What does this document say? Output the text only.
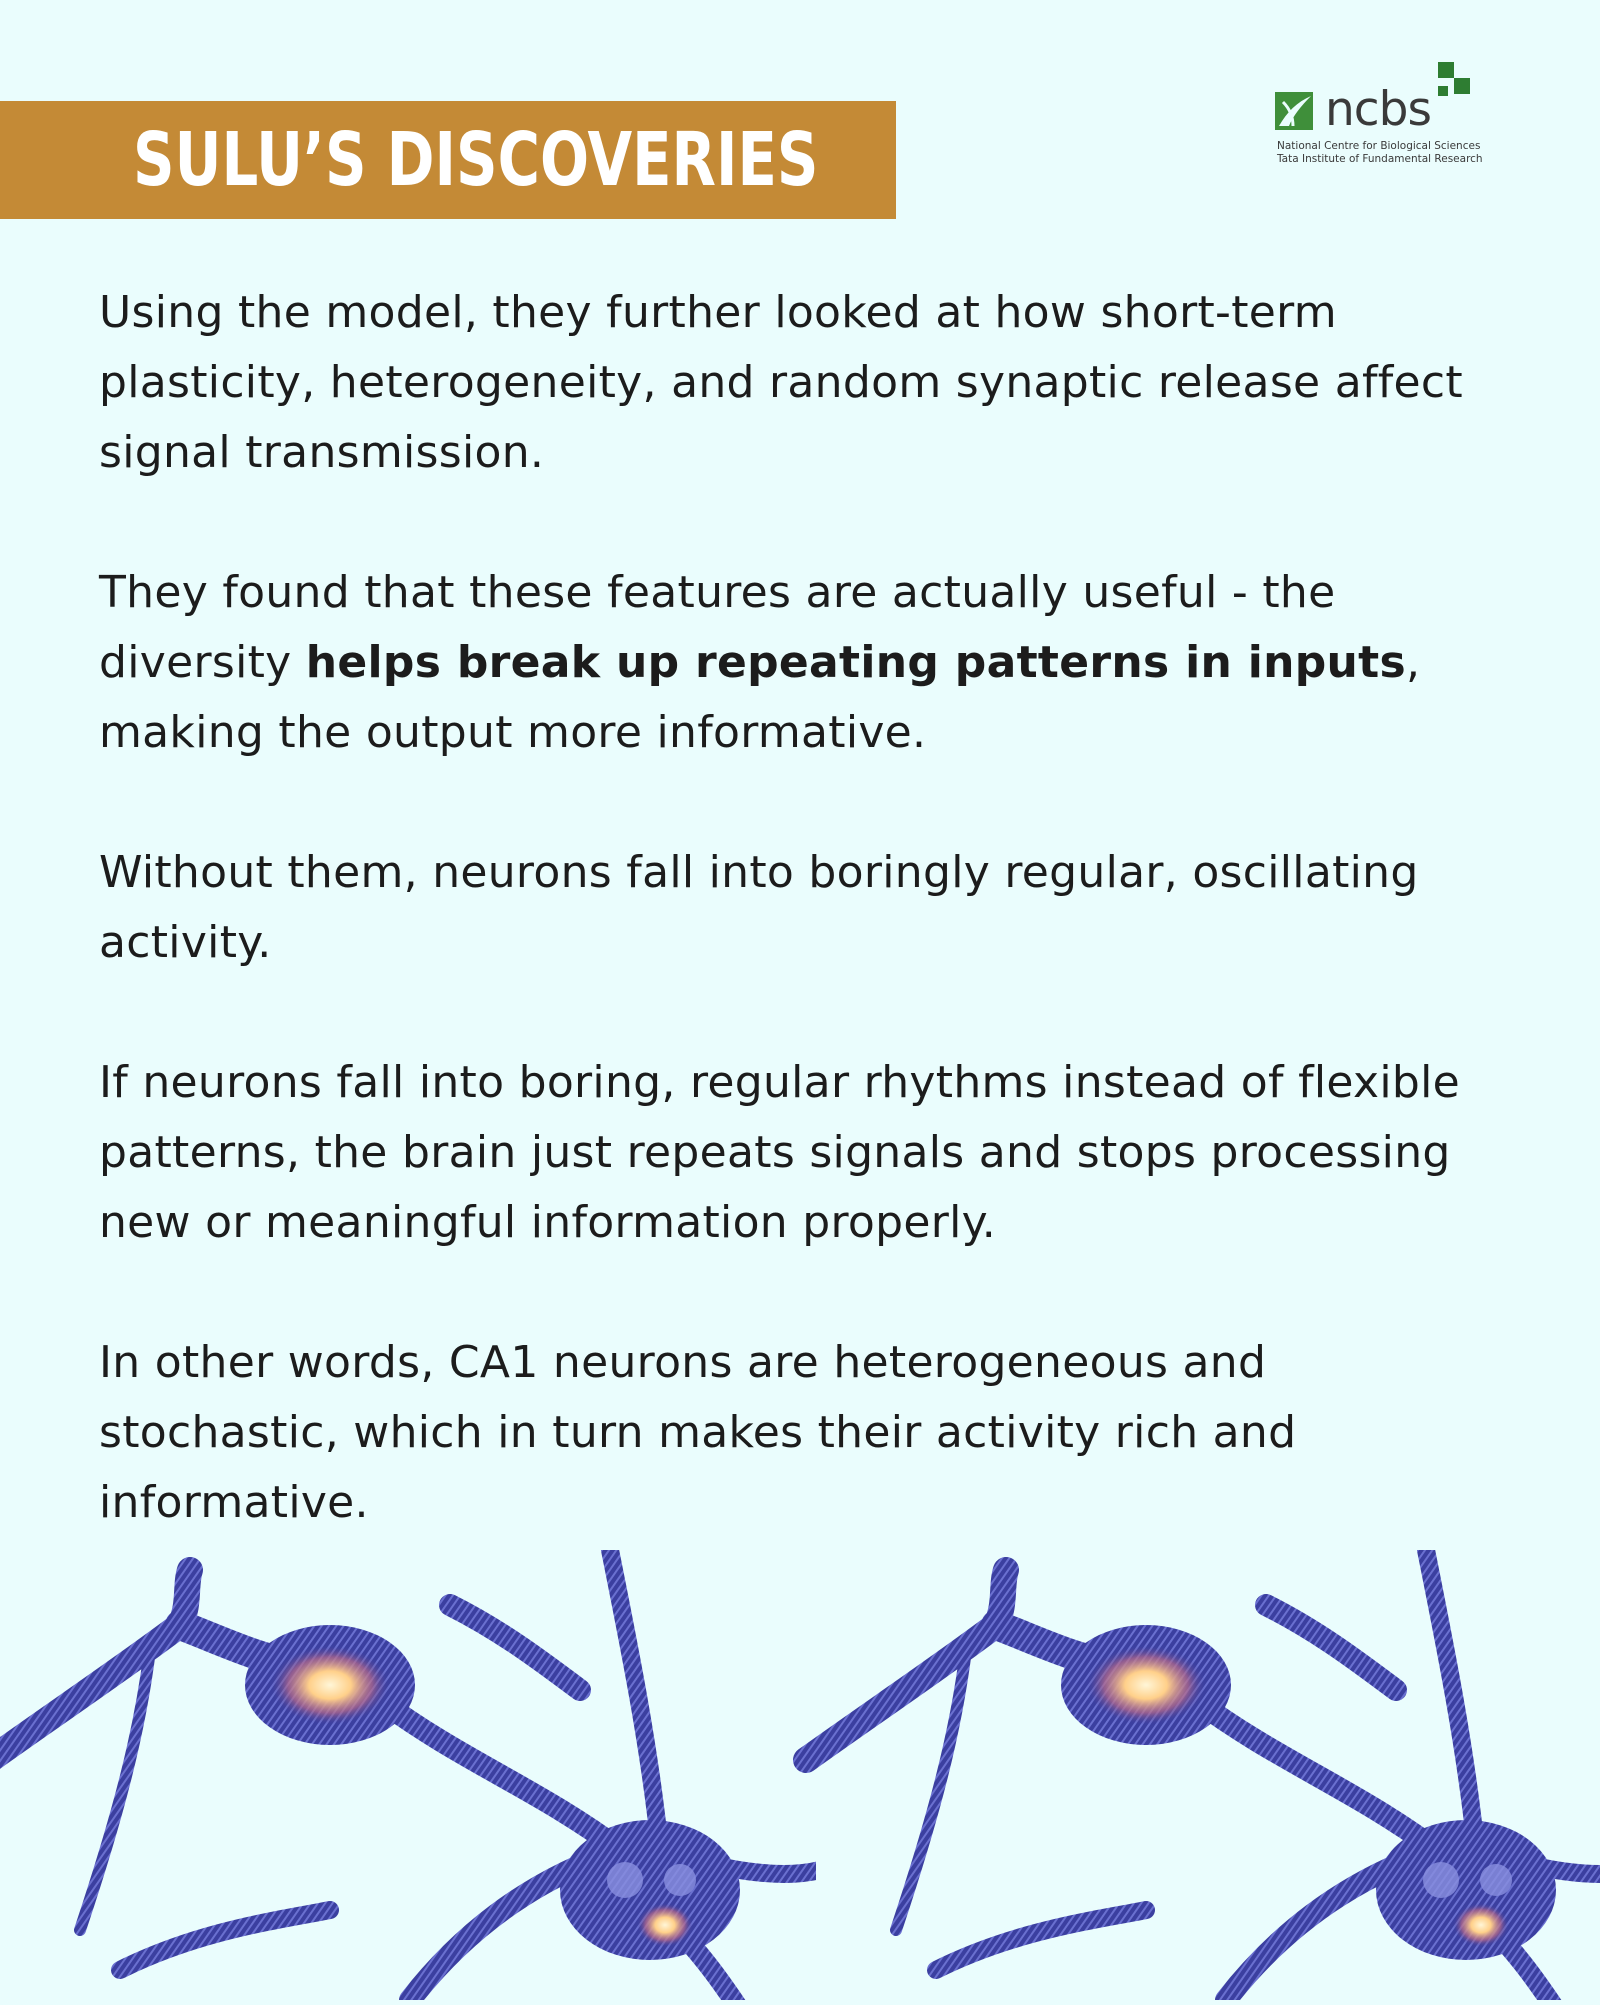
SULU’S DISCOVERIES
ncbs
National Centre for Biological Sciences
Tata Institute of Fundamental Research

Using the model, they further looked at how short-term plasticity, heterogeneity, and random synaptic release affect signal transmission.

They found that these features are actually useful - the diversity helps break up repeating patterns in inputs, making the output more informative.

Without them, neurons fall into boringly regular, oscillating activity.

If neurons fall into boring, regular rhythms instead of flexible patterns, the brain just repeats signals and stops processing new or meaningful information properly.

In other words, CA1 neurons are heterogeneous and stochastic, which in turn makes their activity rich and informative.
